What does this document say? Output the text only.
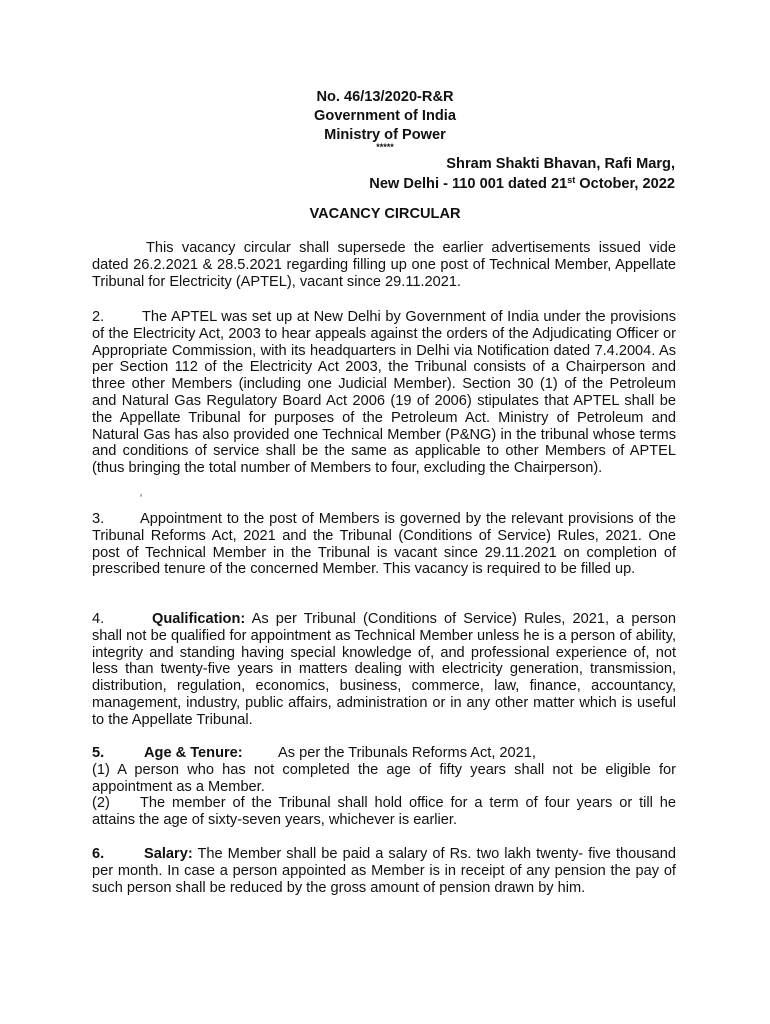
No. 46/13/2020-R&R
Government of India
Ministry of Power
*****
Shram Shakti Bhavan, Rafi Marg,
New Delhi - 110 001 dated 21st October, 2022
VACANCY CIRCULAR

This vacancy circular shall supersede the earlier advertisements issued vide dated 26.2.2021 & 28.5.2021 regarding filling up one post of Technical Member, Appellate Tribunal for Electricity (APTEL), vacant since 29.11.2021.

2.	The APTEL was set up at New Delhi by Government of India under the provisions of the Electricity Act, 2003 to hear appeals against the orders of the Adjudicating Officer or Appropriate Commission, with its headquarters in Delhi via Notification dated 7.4.2004. As per Section 112 of the Electricity Act 2003, the Tribunal consists of a Chairperson and three other Members (including one Judicial Member). Section 30 (1) of the Petroleum and Natural Gas Regulatory Board Act 2006 (19 of 2006) stipulates that APTEL shall be the Appellate Tribunal for purposes of the Petroleum Act. Ministry of Petroleum and Natural Gas has also provided one Technical Member (P&NG) in the tribunal whose terms and conditions of service shall be the same as applicable to other Members of APTEL (thus bringing the total number of Members to four, excluding the Chairperson).

‘

3. Appointment to the post of Members is governed by the relevant provisions of the Tribunal Reforms Act, 2021 and the Tribunal (Conditions of Service) Rules, 2021. One post of Technical Member in the Tribunal is vacant since 29.11.2021 on completion of prescribed tenure of the concerned Member. This vacancy is required to be filled up.

4.	Qualification: As per Tribunal (Conditions of Service) Rules, 2021, a person shall not be qualified for appointment as Technical Member unless he is a person of ability, integrity and standing having special knowledge of, and professional experience of, not less than twenty-five years in matters dealing with electricity generation, transmission, distribution, regulation, economics, business, commerce, law, finance, accountancy, management, industry, public affairs, administration or in any other matter which is useful to the Appellate Tribunal.

5.	Age & Tenure: As per the Tribunals Reforms Act, 2021,
(1) A person who has not completed the age of fifty years shall not be eligible for appointment as a Member.
(2) The member of the Tribunal shall hold office for a term of four years or till he attains the age of sixty-seven years, whichever is earlier.

6.	Salary: The Member shall be paid a salary of Rs. two lakh twenty- five thousand per month. In case a person appointed as Member is in receipt of any pension the pay of such person shall be reduced by the gross amount of pension drawn by him.
